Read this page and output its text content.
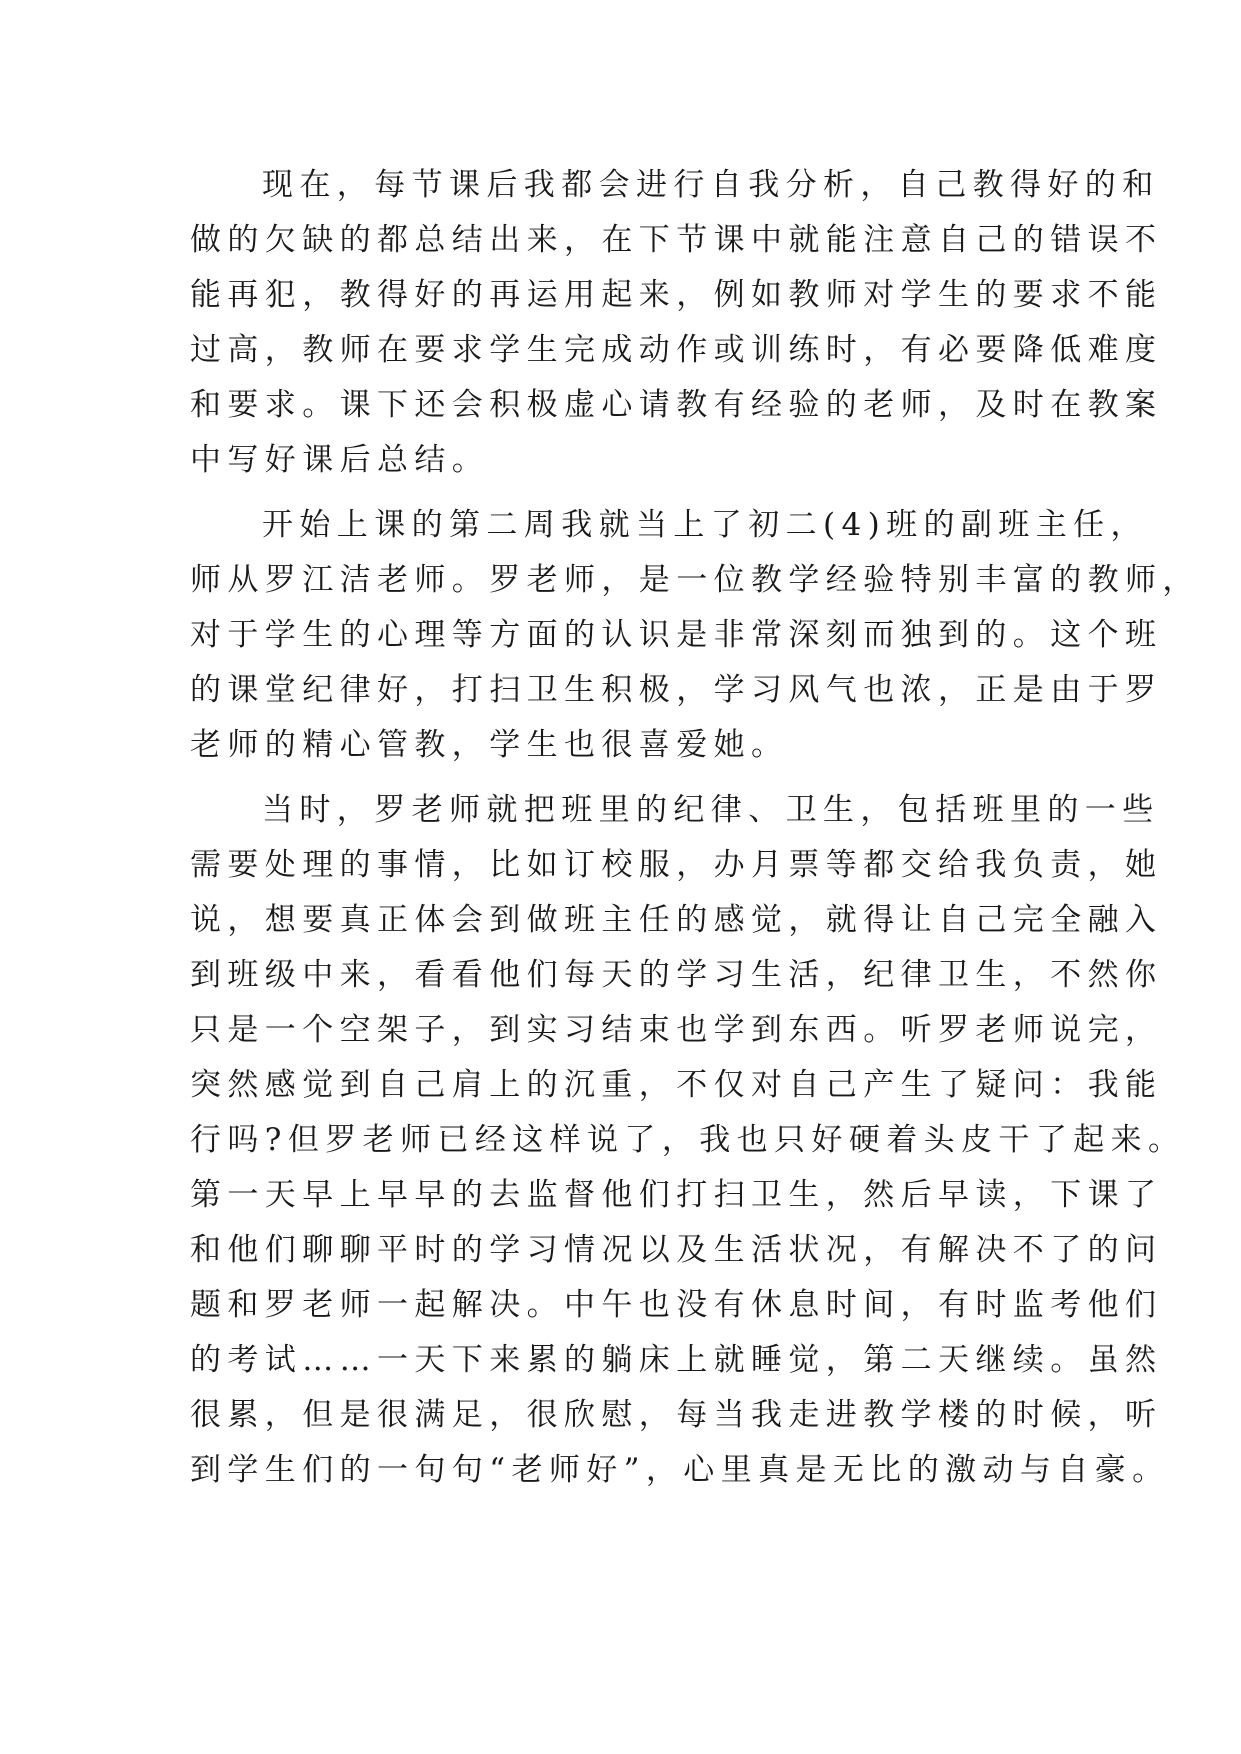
现在，每节课后我都会进行自我分析，自己教得好的和
做的欠缺的都总结出来，在下节课中就能注意自己的错误不
能再犯，教得好的再运用起来，例如教师对学生的要求不能
过高，教师在要求学生完成动作或训练时，有必要降低难度
和要求。课下还会积极虚心请教有经验的老师，及时在教案
中写好课后总结。
开始上课的第二周我就当上了初二(4)班的副班主任，
师从罗江洁老师。罗老师，是一位教学经验特别丰富的教师，
对于学生的心理等方面的认识是非常深刻而独到的。这个班
的课堂纪律好，打扫卫生积极，学习风气也浓，正是由于罗
老师的精心管教，学生也很喜爱她。
当时，罗老师就把班里的纪律、卫生，包括班里的一些
需要处理的事情，比如订校服，办月票等都交给我负责，她
说，想要真正体会到做班主任的感觉，就得让自己完全融入
到班级中来，看看他们每天的学习生活，纪律卫生，不然你
只是一个空架子，到实习结束也学到东西。听罗老师说完，
突然感觉到自己肩上的沉重，不仅对自己产生了疑问：我能
行吗?但罗老师已经这样说了，我也只好硬着头皮干了起来。
第一天早上早早的去监督他们打扫卫生，然后早读，下课了
和他们聊聊平时的学习情况以及生活状况，有解决不了的问
题和罗老师一起解决。中午也没有休息时间，有时监考他们
的考试……一天下来累的躺床上就睡觉，第二天继续。虽然
很累，但是很满足，很欣慰，每当我走进教学楼的时候，听
到学生们的一句句“老师好”，心里真是无比的激动与自豪。
